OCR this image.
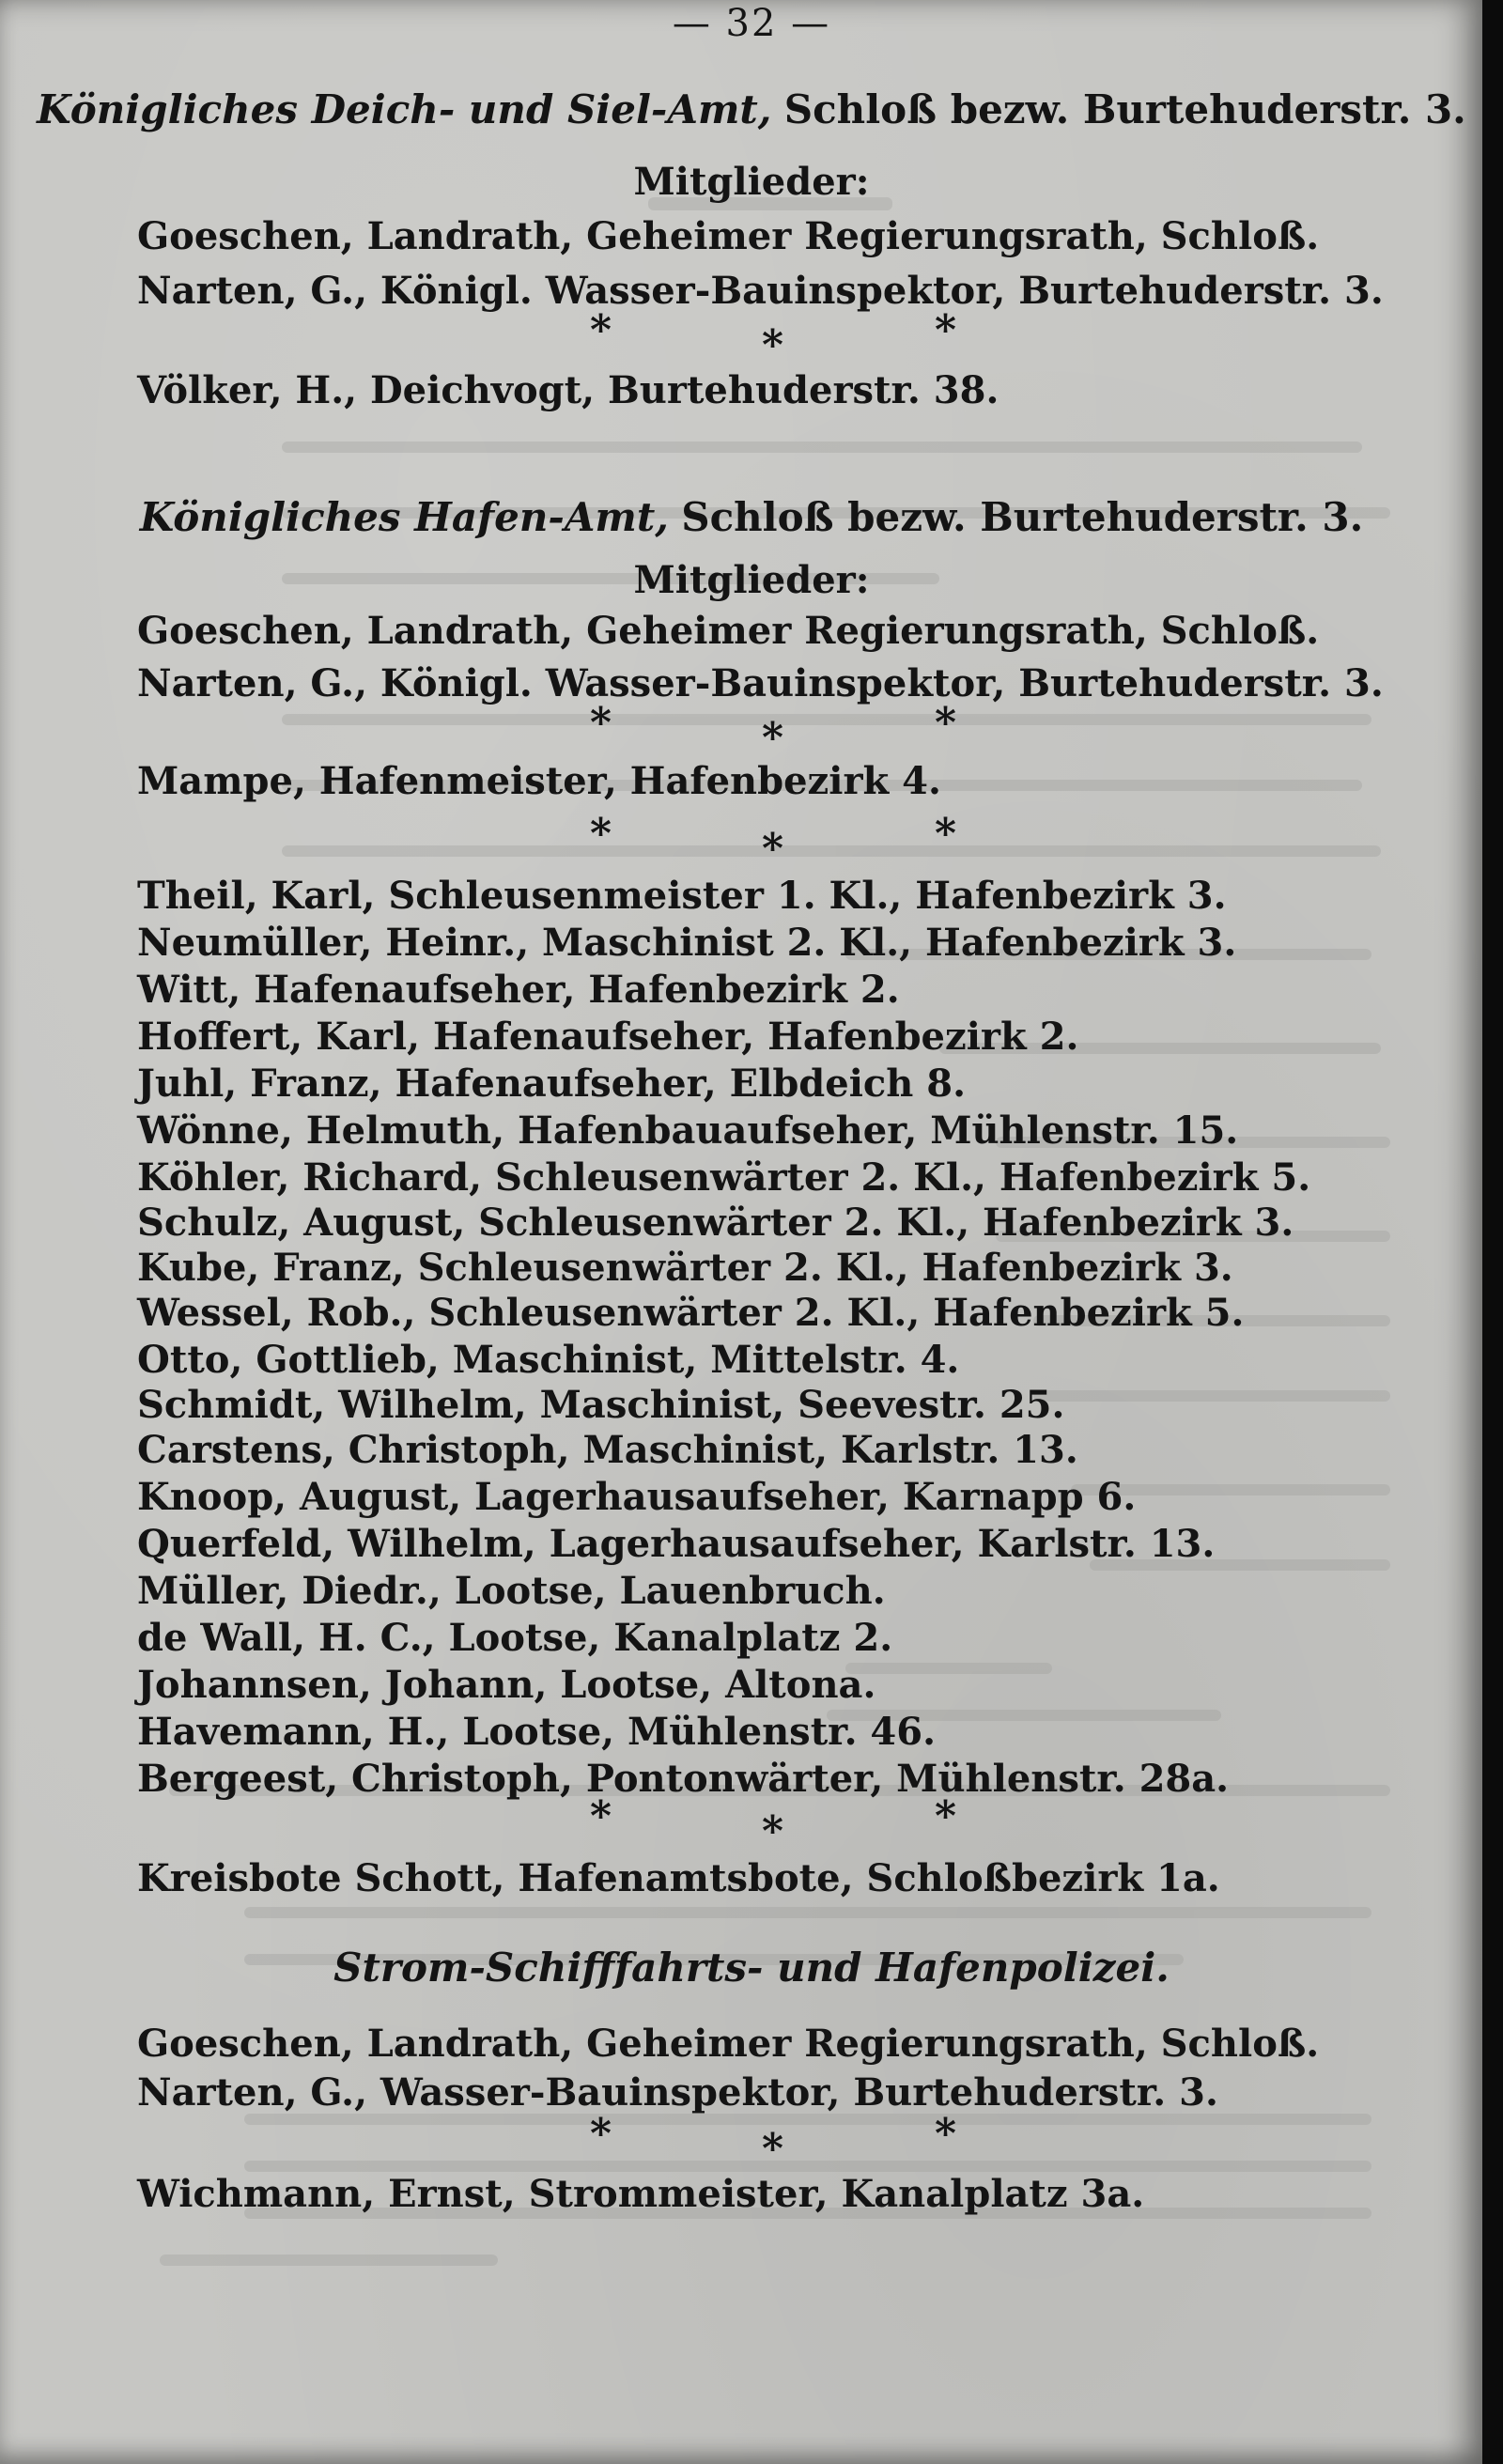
— 32 —
Königliches Deich- und Siel-Amt, Schloß bezw. Burtehuderstr. 3.
Mitglieder:
Goeschen, Landrath, Geheimer Regierungsrath, Schloß.
Narten, G., Königl. Wasser-Bauinspektor, Burtehuderstr. 3.
*	*
*
Völker, H., Deichvogt, Burtehuderstr. 38.
Königliches Hafen-Amt, Schloß bezw. Burtehuderstr. 3.
Mitglieder:
Goeschen, Landrath, Geheimer Regierungsrath, Schloß.
Narten, G., Königl. Wasser-Bauinspektor, Burtehuderstr. 3.
*	*
*
Mampe, Hafenmeister, Hafenbezirk 4.
*	*
*
Theil, Karl, Schleusenmeister 1. Kl., Hafenbezirk 3.
Neumüller, Heinr., Maschinist 2. Kl., Hafenbezirk 3.
Witt, Hafenaufseher, Hafenbezirk 2.
Hoffert, Karl, Hafenaufseher, Hafenbezirk 2.
Juhl, Franz, Hafenaufseher, Elbdeich 8.
Wönne, Helmuth, Hafenbauaufseher, Mühlenstr. 15.
Köhler, Richard, Schleusenwärter 2. Kl., Hafenbezirk 5.
Schulz, August, Schleusenwärter 2. Kl., Hafenbezirk 3.
Kube, Franz, Schleusenwärter 2. Kl., Hafenbezirk 3.
Wessel, Rob., Schleusenwärter 2. Kl., Hafenbezirk 5.
Otto, Gottlieb, Maschinist, Mittelstr. 4.
Schmidt, Wilhelm, Maschinist, Seevestr. 25.
Carstens, Christoph, Maschinist, Karlstr. 13.
Knoop, August, Lagerhausaufseher, Karnapp 6.
Querfeld, Wilhelm, Lagerhausaufseher, Karlstr. 13.
Müller, Diedr., Lootse, Lauenbruch.
de Wall, H. C., Lootse, Kanalplatz 2.
Johannsen, Johann, Lootse, Altona.
Havemann, H., Lootse, Mühlenstr. 46.
Bergeest, Christoph, Pontonwärter, Mühlenstr. 28a.
*	*
*
Kreisbote Schott, Hafenamtsbote, Schloßbezirk 1a.
Strom-Schifffahrts- und Hafenpolizei.
Goeschen, Landrath, Geheimer Regierungsrath, Schloß.
Narten, G., Wasser-Bauinspektor, Burtehuderstr. 3.
*	*
*
Wichmann, Ernst, Strommeister, Kanalplatz 3a.
